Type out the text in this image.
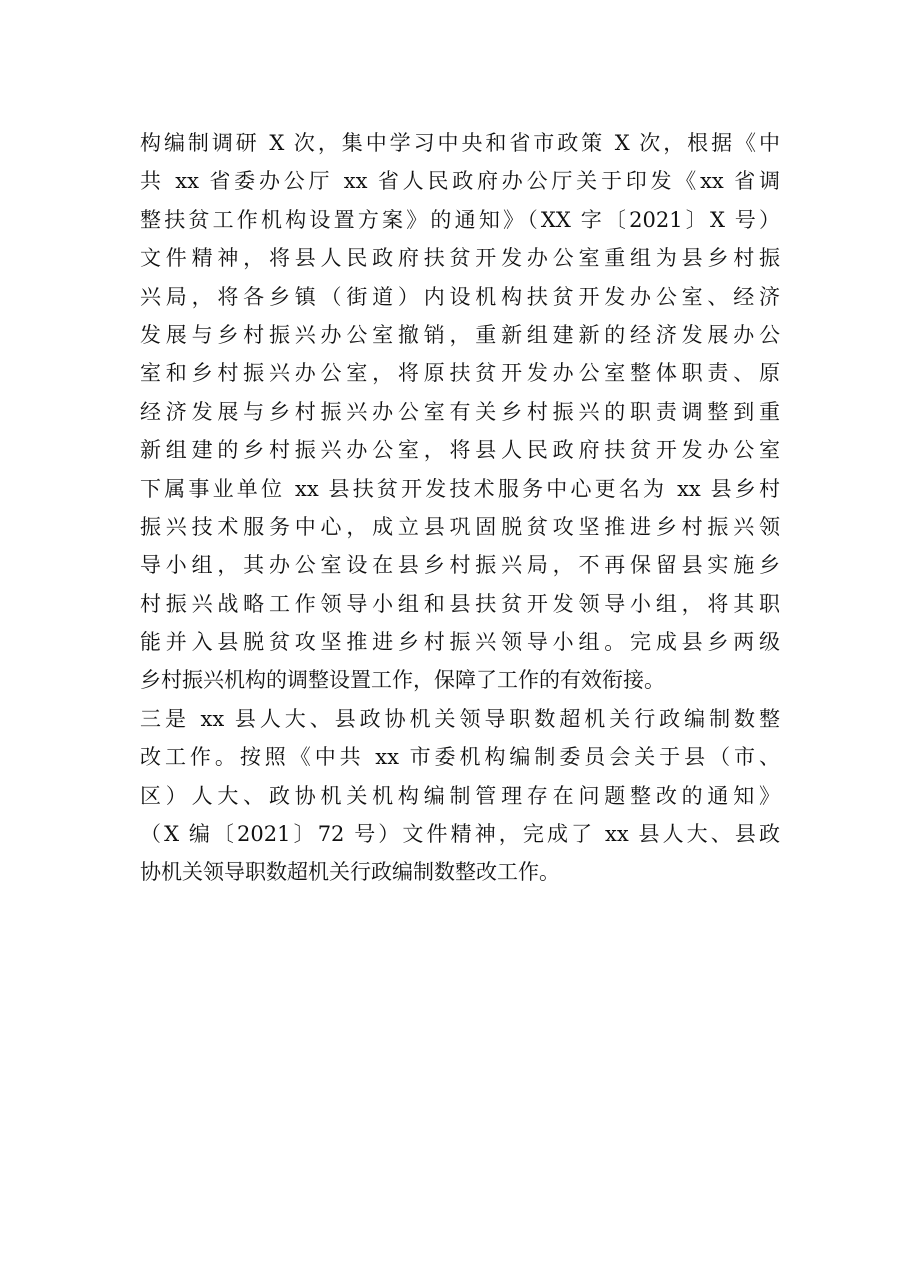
构编制调研 X 次，集中学习中央和省市政策 X 次，根据《中
共 xx 省委办公厅 xx 省人民政府办公厅关于印发《xx 省调
整扶贫工作机构设置方案》的通知》（XX 字〔2021〕X 号）
文件精神，将县人民政府扶贫开发办公室重组为县乡村振
兴局，将各乡镇（街道）内设机构扶贫开发办公室、经济
发展与乡村振兴办公室撤销，重新组建新的经济发展办公
室和乡村振兴办公室，将原扶贫开发办公室整体职责、原
经济发展与乡村振兴办公室有关乡村振兴的职责调整到重
新组建的乡村振兴办公室，将县人民政府扶贫开发办公室
下属事业单位 xx 县扶贫开发技术服务中心更名为 xx 县乡村
振兴技术服务中心，成立县巩固脱贫攻坚推进乡村振兴领
导小组，其办公室设在县乡村振兴局，不再保留县实施乡
村振兴战略工作领导小组和县扶贫开发领导小组，将其职
能并入县脱贫攻坚推进乡村振兴领导小组。完成县乡两级
乡村振兴机构的调整设置工作，保障了工作的有效衔接。
三是 xx 县人大、县政协机关领导职数超机关行政编制数整
改工作。按照《中共 xx 市委机构编制委员会关于县（市、
区）人大、政协机关机构编制管理存在问题整改的通知》
（X 编〔2021〕72 号）文件精神，完成了 xx 县人大、县政
协机关领导职数超机关行政编制数整改工作。
